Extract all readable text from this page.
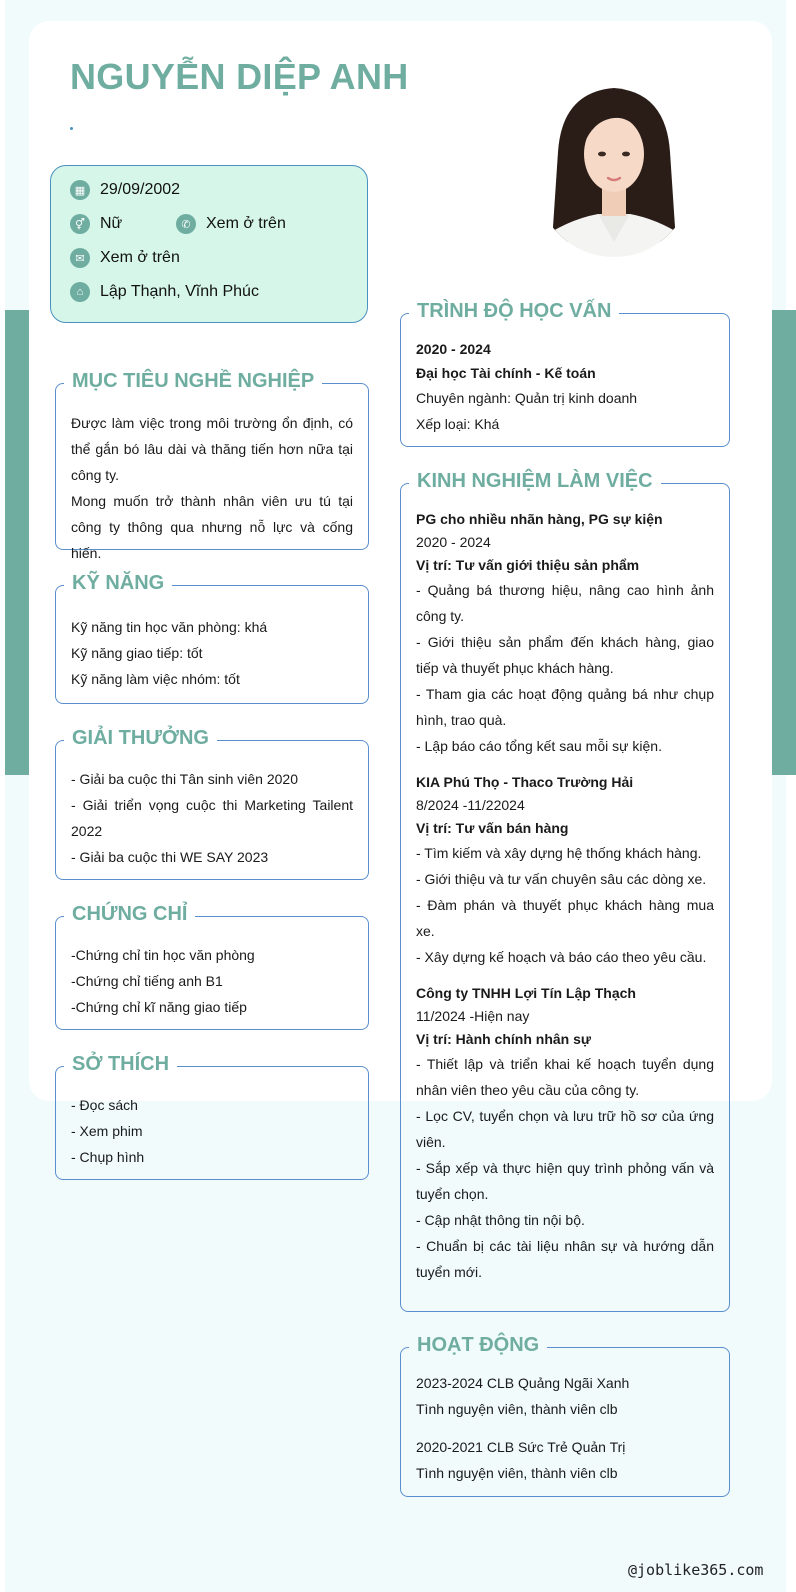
NGUYỄN DIỆP ANH
▦ 29/09/2002
⚥ Nữ	✆ Xem ở trên
✉ Xem ở trên
⌂	Lập Thạnh, Vĩnh Phúc
MỤC TIÊU NGHỀ NGHIỆP

Được làm việc trong môi trường ổn định, có thể gắn bó lâu dài và thăng tiến hơn nữa tại công ty.

Mong muốn trở thành nhân viên ưu tú tại công ty thông qua nhưng nỗ lực và cống hiến.

KỸ NĂNG
Kỹ năng tin học văn phòng: khá
Kỹ năng giao tiếp: tốt
Kỹ năng làm việc nhóm: tốt
GIẢI THƯỞNG

- Giải ba cuộc thi Tân sinh viên 2020

- Giải triển vọng cuộc thi Marketing Tailent 2022

- Giải ba cuộc thi WE SAY 2023

CHỨNG CHỈ
-Chứng chỉ tin học văn phòng
-Chứng chỉ tiếng anh B1
-Chứng chỉ kĩ năng giao tiếp
SỞ THÍCH
- Đọc sách
- Xem phim
- Chụp hình
TRÌNH ĐỘ HỌC VẤN
2020 - 2024
Đại học Tài chính - Kế toán
Chuyên ngành: Quản trị kinh doanh
Xếp loại: Khá
KINH NGHIỆM LÀM VIỆC
PG cho nhiều nhãn hàng, PG sự kiện
2020 - 2024
Vị trí: Tư vấn giới thiệu sản phẩm

- Quảng bá thương hiệu, nâng cao hình ảnh công ty.

- Giới thiệu sản phẩm đến khách hàng, giao tiếp và thuyết phục khách hàng.

- Tham gia các hoạt động quảng bá như chụp hình, trao quà.

- Lập báo cáo tổng kết sau mỗi sự kiện.

KIA Phú Thọ - Thaco Trường Hải
8/2024 -11/22024
Vị trí: Tư vấn bán hàng

- Tìm kiếm và xây dựng hệ thống khách hàng.

- Giới thiệu và tư vấn chuyên sâu các dòng xe.

- Đàm phán và thuyết phục khách hàng mua xe.

- Xây dựng kế hoạch và báo cáo theo yêu cầu.

Công ty TNHH Lợi Tín Lập Thạch
11/2024 -Hiện nay
Vị trí: Hành chính nhân sự

- Thiết lập và triển khai kế hoạch tuyển dụng nhân viên theo yêu cầu của công ty.

- Lọc CV, tuyển chọn và lưu trữ hồ sơ của ứng viên.

- Sắp xếp và thực hiện quy trình phỏng vấn và tuyển chọn.

- Cập nhật thông tin nội bộ.

- Chuẩn bị các tài liệu nhân sự và hướng dẫn tuyển mới.

HOẠT ĐỘNG
2023-2024 CLB Quảng Ngãi Xanh
Tình nguyện viên, thành viên clb
2020-2021 CLB Sức Trẻ Quản Trị
Tình nguyện viên, thành viên clb
@joblike365.com
